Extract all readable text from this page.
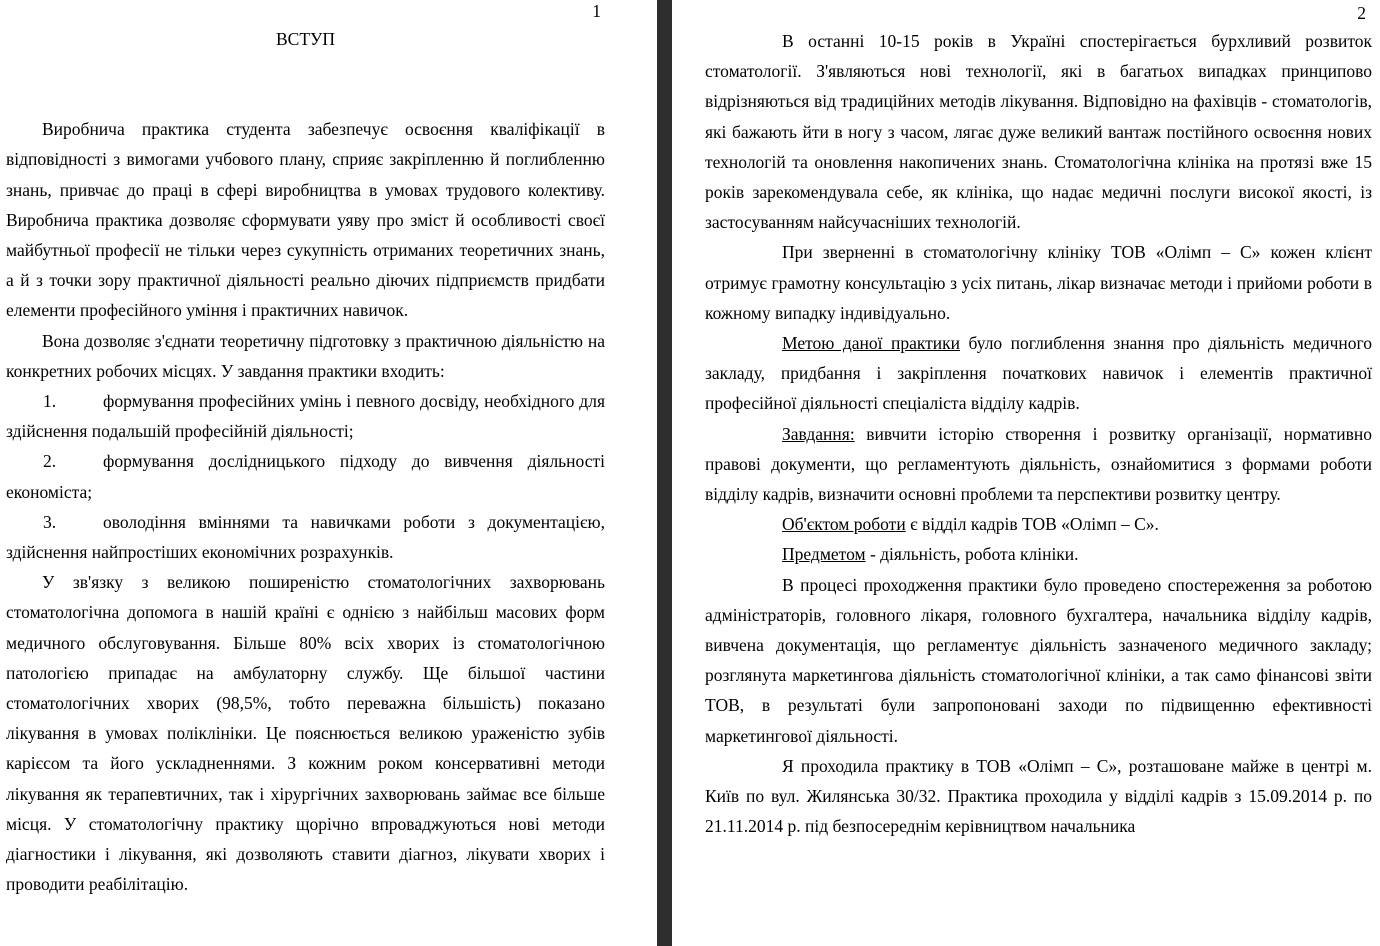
1
ВСТУП

Виробнича практика студента забезпечує освоєння кваліфікації в відповідності з вимогами учбового плану, сприяє закріпленню й поглибленню знань, привчає до праці в сфері виробництва в умовах трудового колективу. Виробнича практика дозволяє сформувати уяву про зміст й особливості своєї майбутньої професії не тільки через сукупність отриманих теоретичних знань, а й з точки зору практичної діяльності реально діючих підприємств придбати елементи професійного уміння і практичних навичок.

Вона дозволяє з'єднати теоретичну підготовку з практичною діяльністю на конкретних робочих місцях. У завдання практики входить:

1.	формування професійних умінь і певного досвіду, необхідного для здійснення подальшій професійній діяльності;

2.	формування дослідницького підходу до вивчення діяльності економіста;

3.	оволодіння вміннями та навичками роботи з документацією, здійснення найпростіших економічних розрахунків.

У зв'язку з великою поширеністю стоматологічних захворювань стоматологічна допомога в нашій країні є однією з найбільш масових форм медичного обслуговування. Більше 80% всіх хворих із стоматологічною патологією припадає на амбулаторну службу. Ще більшої частини стоматологічних хворих (98,5%, тобто переважна більшість) показано лікування в умовах поліклініки. Це пояснюється великою ураженістю зубів карієсом та його ускладненнями. З кожним роком консервативні методи лікування як терапевтичних, так і хірургічних захворювань займає все більше місця. У стоматологічну практику щорічно впроваджуються нові методи діагностики і лікування, які дозволяють ставити діагноз, лікувати хворих і проводити реабілітацію.

2

В останні 10-15 років в Україні спостерігається бурхливий розвиток стоматології. З'являються нові технології, які в багатьох випадках принципово відрізняються від традиційних методів лікування. Відповідно на фахівців - стоматологів, які бажають йти в ногу з часом, лягає дуже великий вантаж постійного освоєння нових технологій та оновлення накопичених знань. Стоматологічна клініка на протязі вже 15 років зарекомендувала себе, як клініка, що надає медичні послуги високої якості, із застосуванням найсучасніших технологій.

При зверненні в стоматологічну клініку ТОВ «Олімп – С» кожен клієнт отримує грамотну консультацію з усіх питань, лікар визначає методи і прийоми роботи в кожному випадку індивідуально.

Метою даної практики було поглиблення знання про діяльність медичного закладу, придбання і закріплення початкових навичок і елементів практичної професійної діяльності спеціаліста відділу кадрів.

Завдання: вивчити історію створення і розвитку організації, нормативно правові документи, що регламентують діяльність, ознайомитися з формами роботи відділу кадрів, визначити основні проблеми та перспективи розвитку центру.

Об'єктом роботи є відділ кадрів ТОВ «Олімп – С».

Предметом - діяльність, робота клініки.

В процесі проходження практики було проведено спостереження за роботою адміністраторів, головного лікаря, головного бухгалтера, начальника відділу кадрів, вивчена документація, що регламентує діяльність зазначеного медичного закладу; розглянута маркетингова діяльність стоматологічної клініки, а так само фінансові звіти ТОВ, в результаті були запропоновані заходи по підвищенню ефективності маркетингової діяльності.

Я проходила практику в ТОВ «Олімп – С», розташоване майже в центрі м. Київ по вул. Жилянська 30/32. Практика проходила у відділі кадрів з 15.09.2014 р. по 21.11.2014 р. під безпосереднім керівництвом начальника
